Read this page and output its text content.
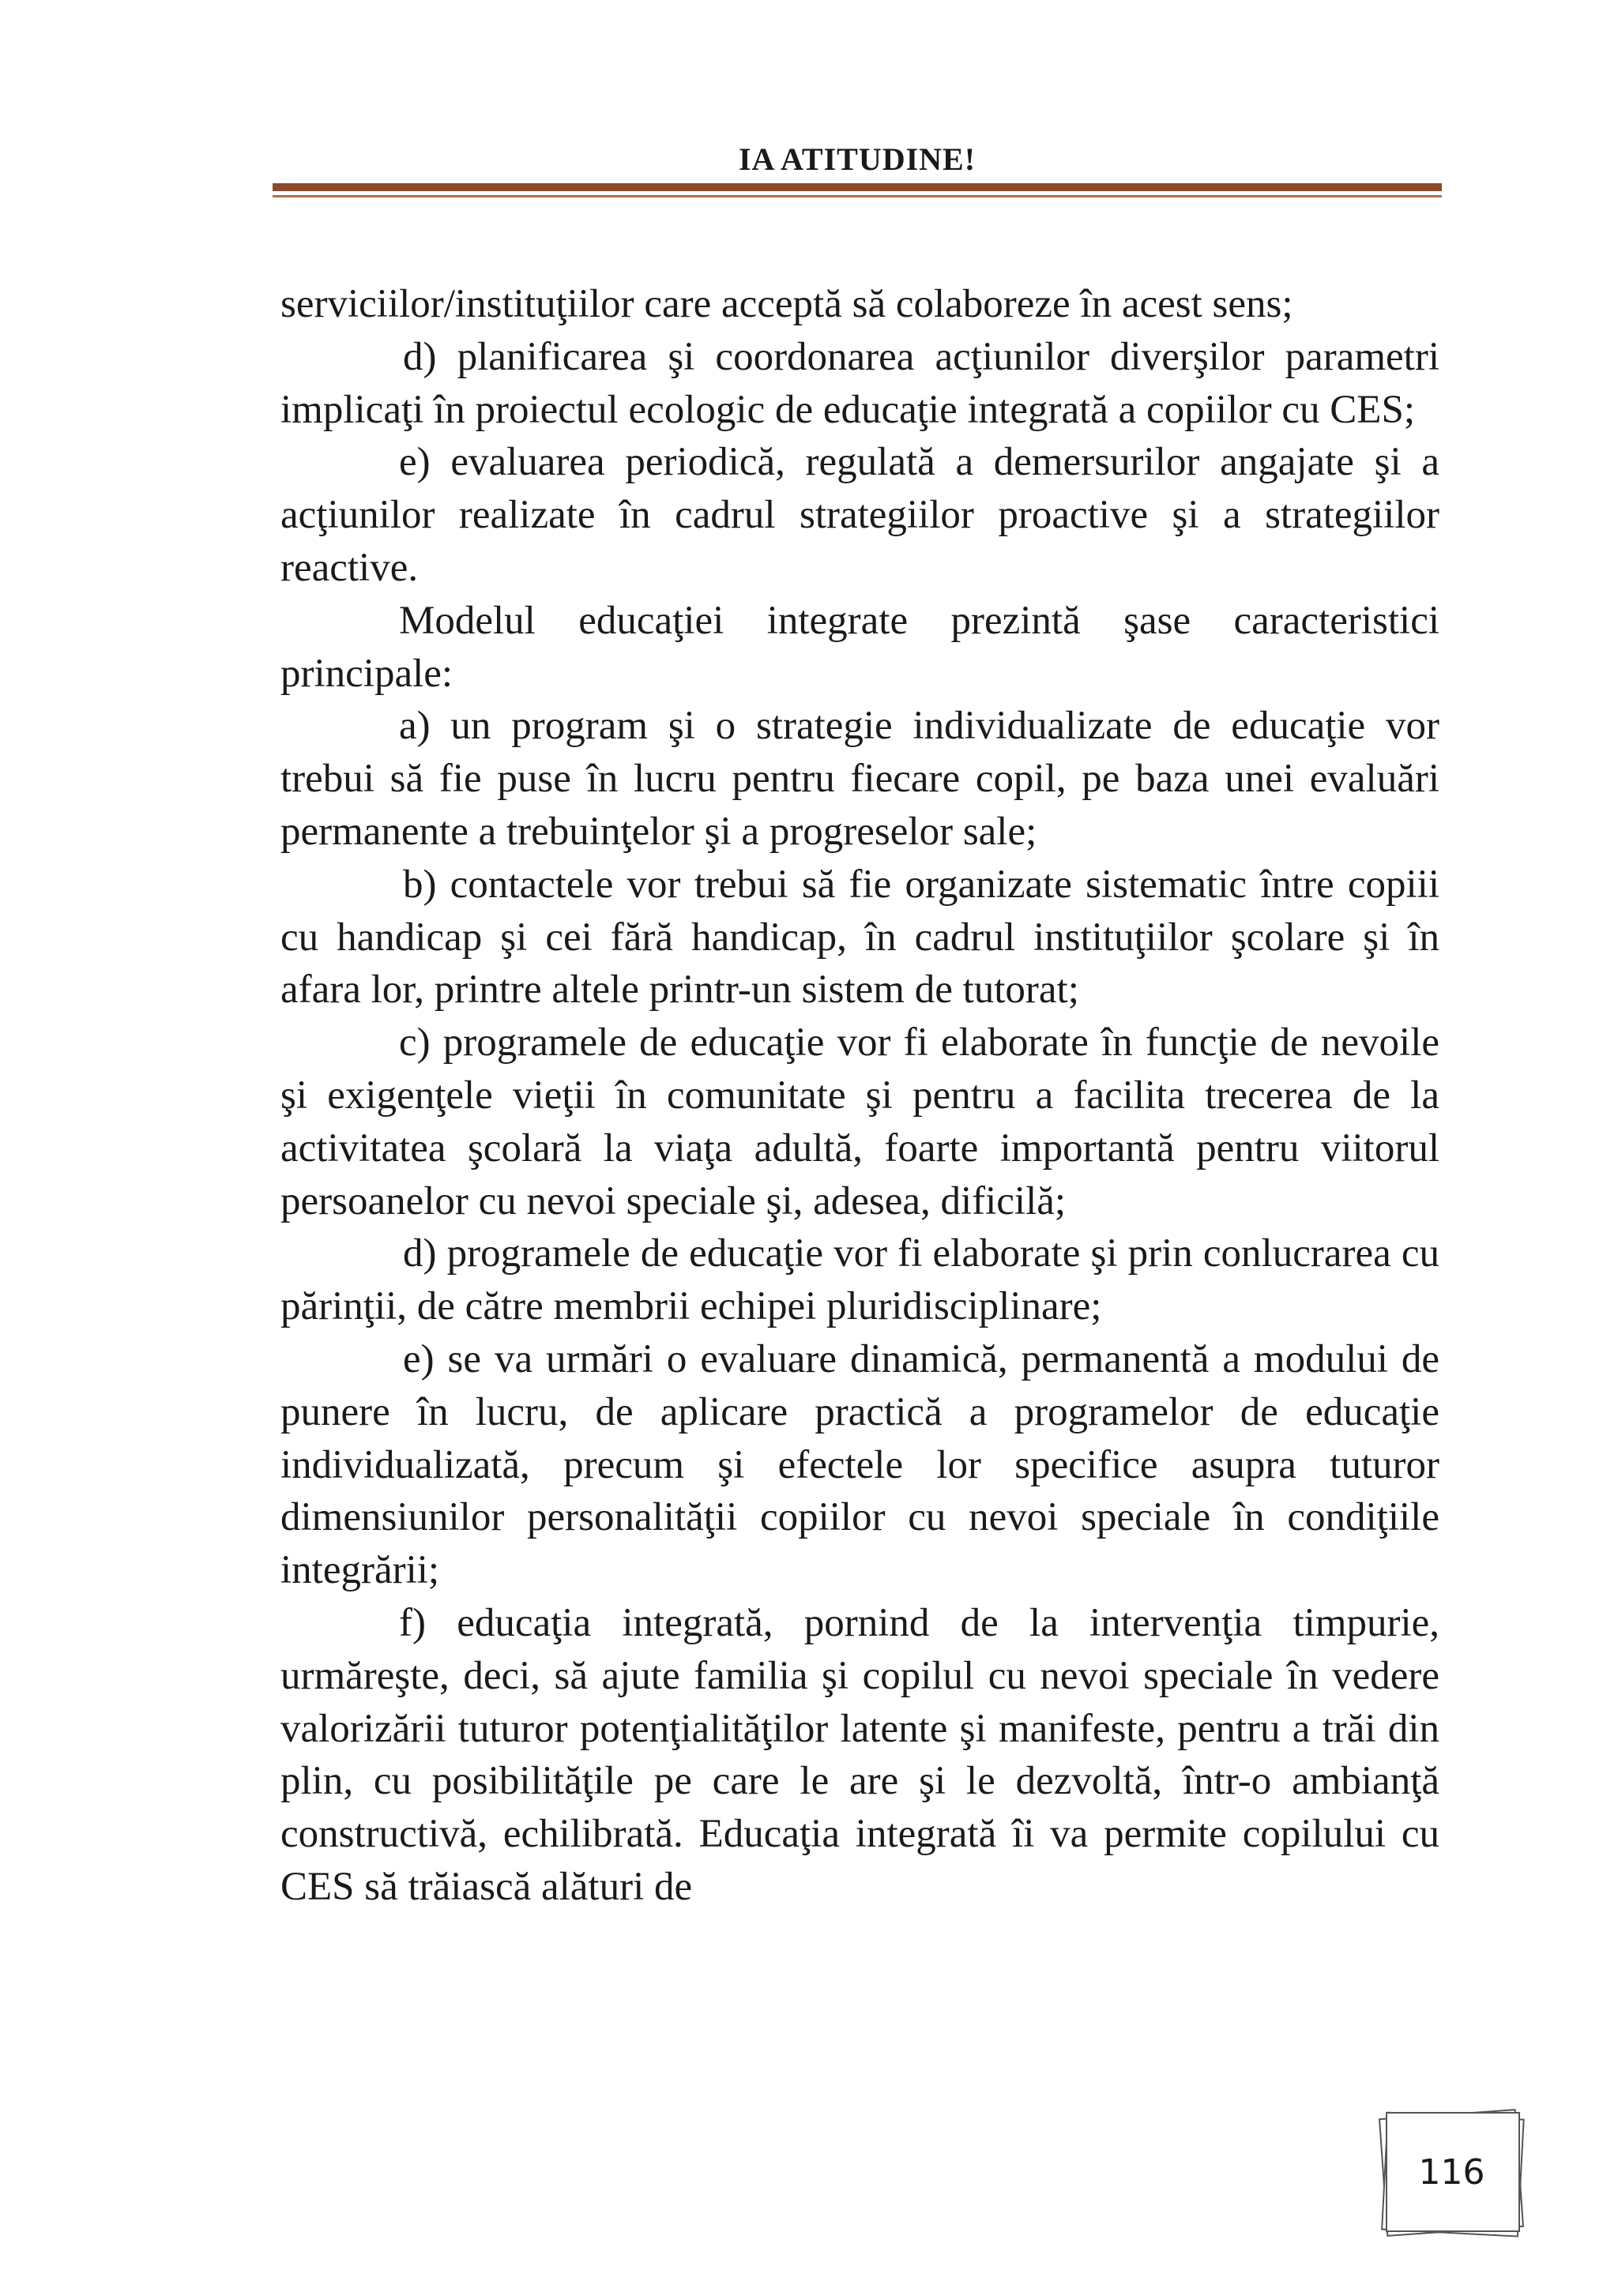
IA ATITUDINE!

serviciilor/instituţiilor care acceptă să colaboreze în acest sens;

d) planificarea şi coordonarea acţiunilor diverşilor parametri implicaţi în proiectul ecologic de educaţie integrată a copiilor cu CES;

e) evaluarea periodică, regulată a demersurilor angajate şi a acţiunilor realizate în cadrul strategiilor proactive şi a strategiilor reactive.

Modelul educaţiei integrate prezintă şase caracteristici principale:

a) un program şi o strategie individualizate de educaţie vor trebui să fie puse în lucru pentru fiecare copil, pe baza unei evaluări permanente a trebuinţelor şi a progreselor sale;

b) contactele vor trebui să fie organizate sistematic între copiii cu handicap şi cei fără handicap, în cadrul instituţiilor şcolare şi în afara lor, printre altele printr-un sistem de tutorat;

c) programele de educaţie vor fi elaborate în funcţie de nevoile şi exigenţele vieţii în comunitate şi pentru a facilita trecerea de la activitatea şcolară la viaţa adultă, foarte importantă pentru viitorul persoanelor cu nevoi speciale şi, adesea, dificilă;

d) programele de educaţie vor fi elaborate şi prin conlucrarea cu părinţii, de către membrii echipei pluridisciplinare;

e) se va urmări o evaluare dinamică, permanentă a modului de punere în lucru, de aplicare practică a programelor de educaţie individualizată, precum şi efectele lor specifice asupra tuturor dimensiunilor personalităţii copiilor cu nevoi speciale în condiţiile integrării;

f) educaţia integrată, pornind de la intervenţia timpurie, urmăreşte, deci, să ajute familia şi copilul cu nevoi speciale în vedere valorizării tuturor potenţialităţilor latente şi manifeste, pentru a trăi din plin, cu posibilităţile pe care le are şi le dezvoltă, într-o ambianţă constructivă, echilibrată. Educaţia integrată îi va permite copilului cu CES să trăiască alături de

116
